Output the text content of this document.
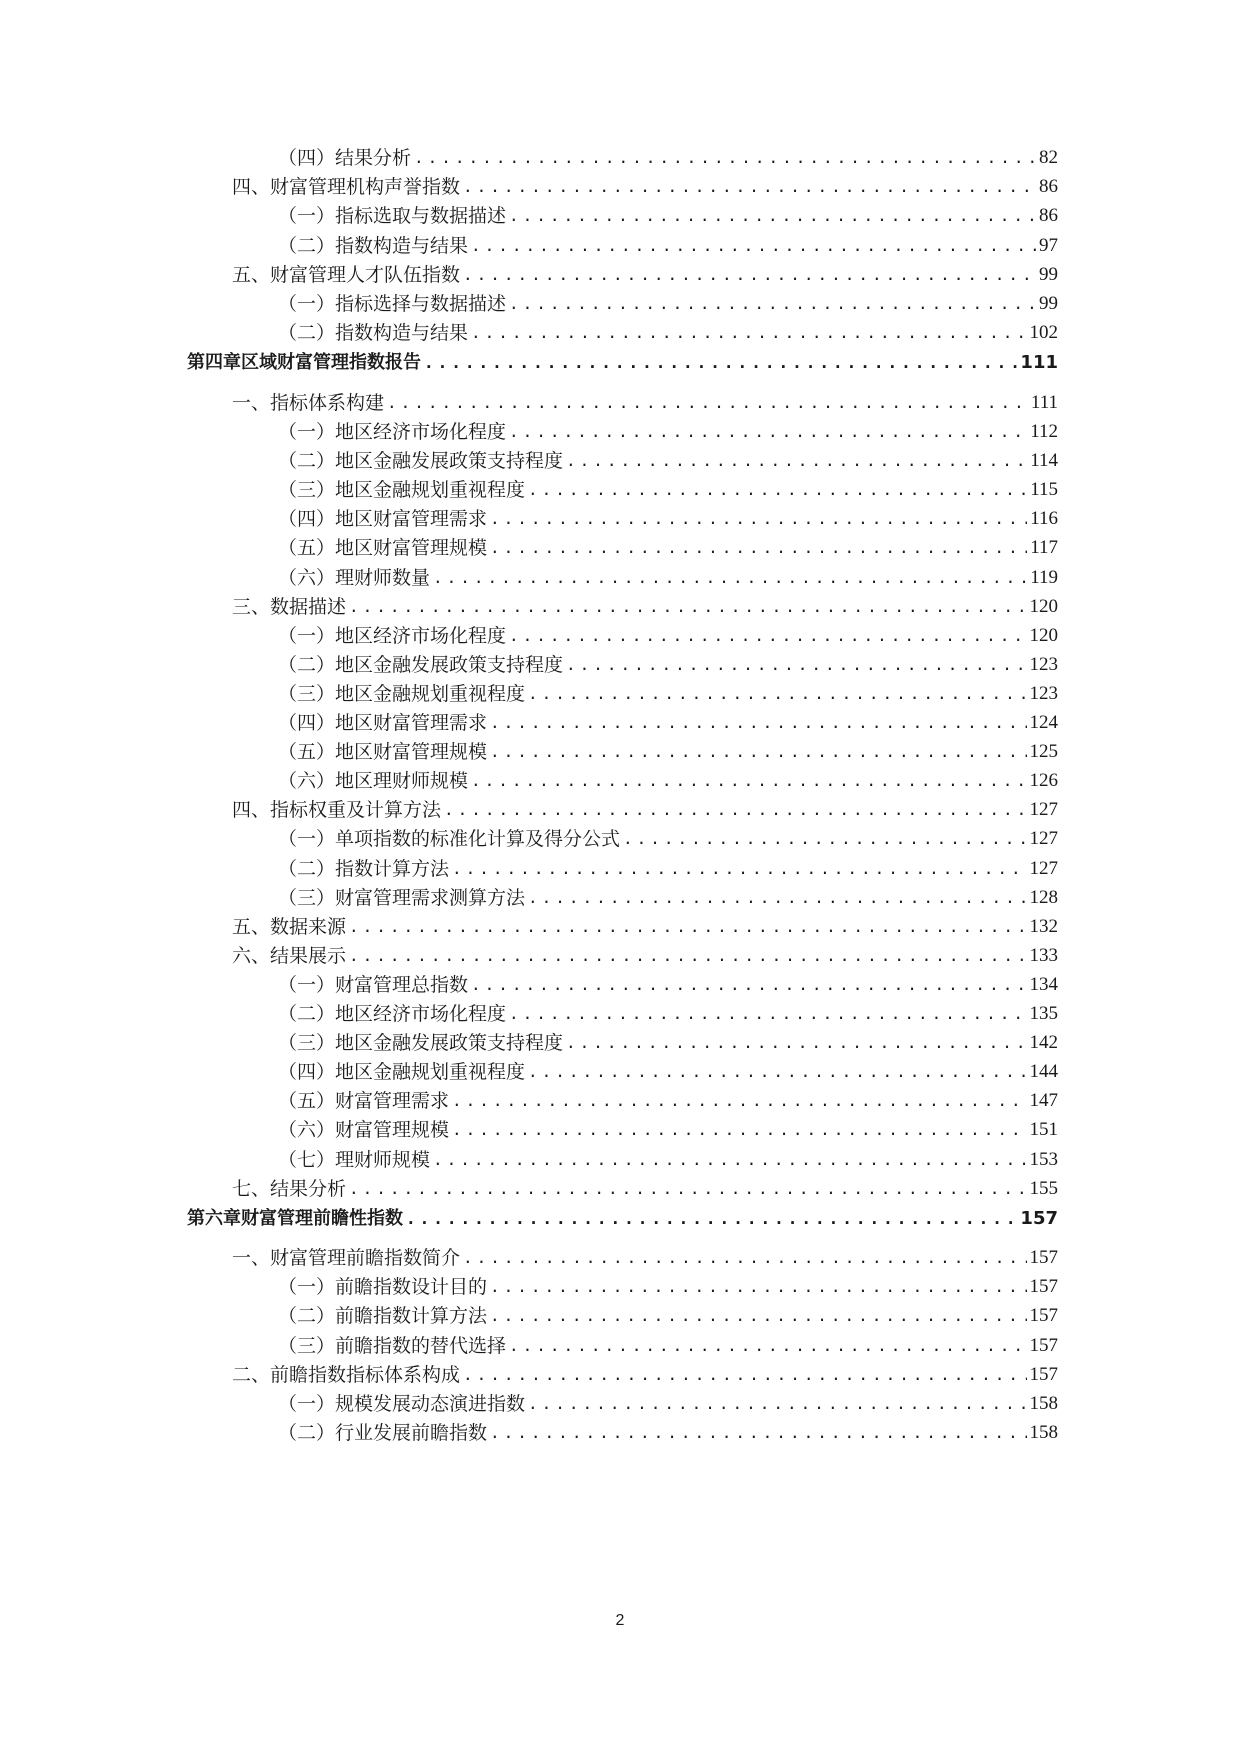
（四）结果分析 .....	82
四、财富管理机构声誉指数 .....	86
（一）指标选取与数据描述 .....	86
（二）指数构造与结果 .....	97
五、财富管理人才队伍指数 .....	99
（一）指标选择与数据描述 .....	99
（二）指数构造与结果 .....	102
第四章区域财富管理指数报告 .....	111
一、指标体系构建 .....	111
（一）地区经济市场化程度 .....	112
（二）地区金融发展政策支持程度 .....	114
（三）地区金融规划重视程度 .....	115
（四）地区财富管理需求 .....	116
（五）地区财富管理规模 .....	117
（六）理财师数量 .....	119
三、数据描述 .....	120
（一）地区经济市场化程度 .....	120
（二）地区金融发展政策支持程度 .....	123
（三）地区金融规划重视程度 .....	123
（四）地区财富管理需求 .....	124
（五）地区财富管理规模 .....	125
（六）地区理财师规模 .....	126
四、指标权重及计算方法 .....	127
（一）单项指数的标准化计算及得分公式 .....	127
（二）指数计算方法 .....	127
（三）财富管理需求测算方法 .....	128
五、数据来源 .....	132
六、结果展示 .....	133
（一）财富管理总指数 .....	134
（二）地区经济市场化程度 .....	135
（三）地区金融发展政策支持程度 .....	142
（四）地区金融规划重视程度 .....	144
（五）财富管理需求 .....	147
（六）财富管理规模 .....	151
（七）理财师规模 .....	153
七、结果分析 .....	155
第六章财富管理前瞻性指数 .....	157
一、财富管理前瞻指数简介 .....	157
（一）前瞻指数设计目的 .....	157
（二）前瞻指数计算方法 .....	157
（三）前瞻指数的替代选择 .....	157
二、前瞻指数指标体系构成 .....	157
（一）规模发展动态演进指数 .....	158
（二）行业发展前瞻指数 .....	158
2
